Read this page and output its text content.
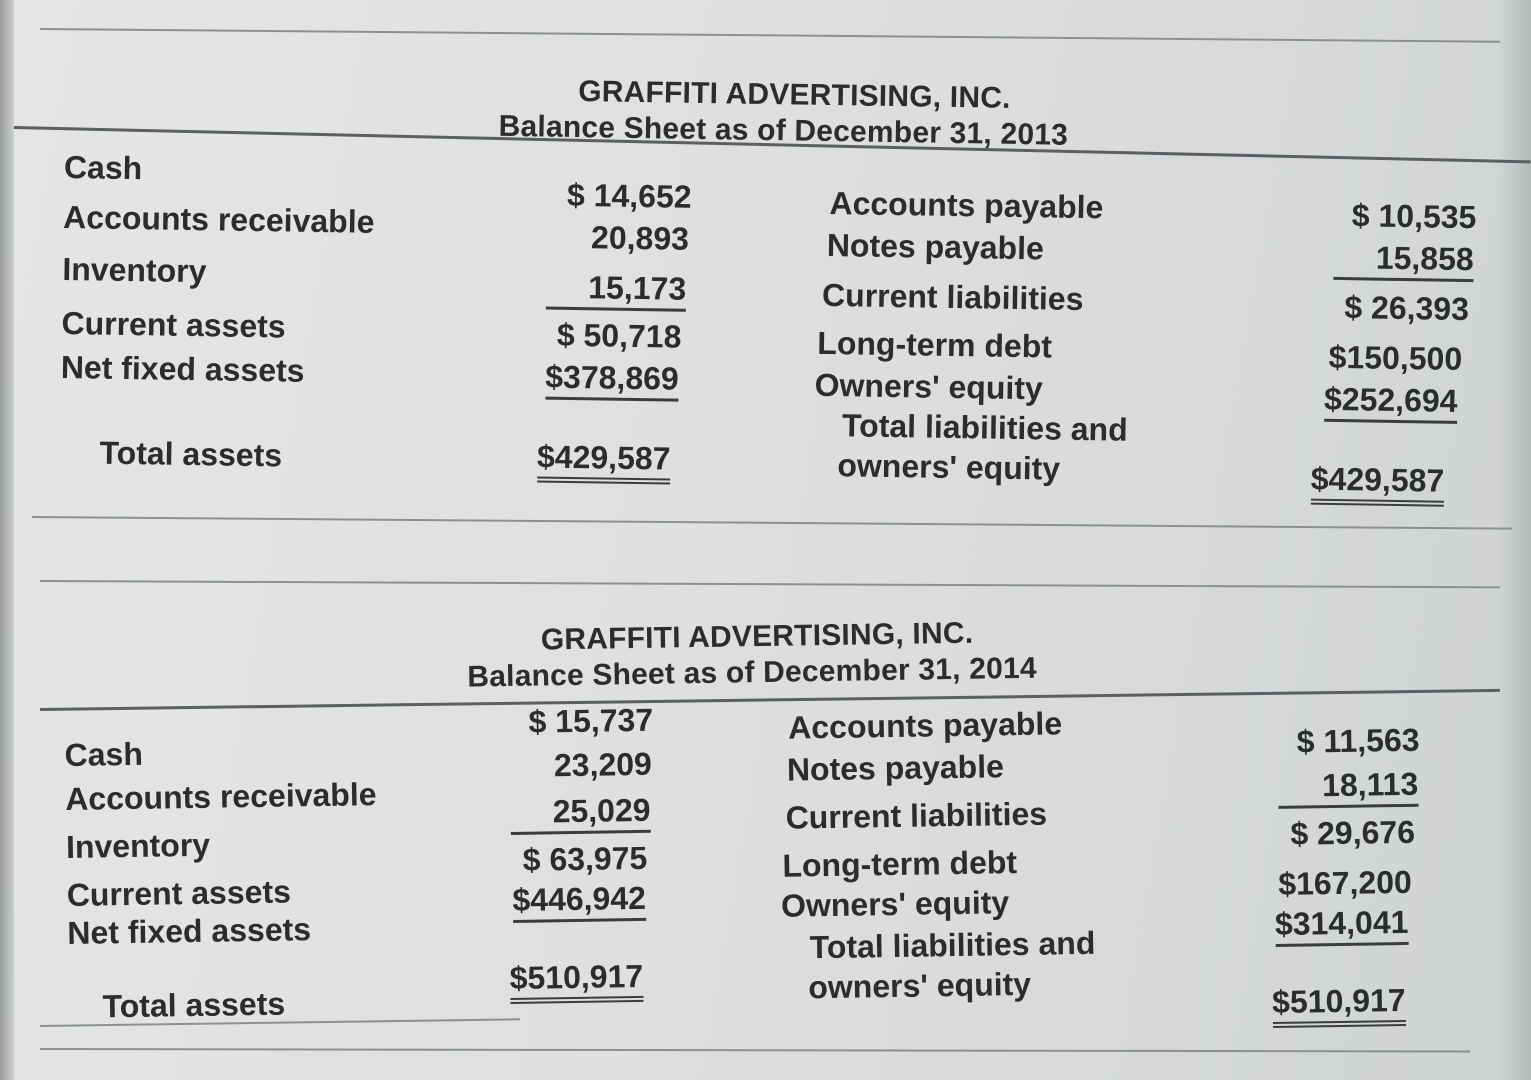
GRAFFITI ADVERTISING, INC.
Balance Sheet as of December 31, 2013
Cash
Accounts receivable
Inventory
Current assets
Net fixed assets
Total assets
$ 14,652
20,893
15,173
$ 50,718
$378,869
$429,587
Accounts payable
Notes payable
Current liabilities
Long-term debt
Owners' equity
Total liabilities and
owners' equity
$ 10,535
15,858
$ 26,393
$150,500
$252,694
$429,587
GRAFFITI ADVERTISING, INC.
Balance Sheet as of December 31, 2014
Cash
Accounts receivable
Inventory
Current assets
Net fixed assets
Total assets
$ 15,737
23,209
25,029
$ 63,975
$446,942
$510,917
Accounts payable
Notes payable
Current liabilities
Long-term debt
Owners' equity
Total liabilities and
owners' equity
$ 11,563
18,113
$ 29,676
$167,200
$314,041
$510,917
